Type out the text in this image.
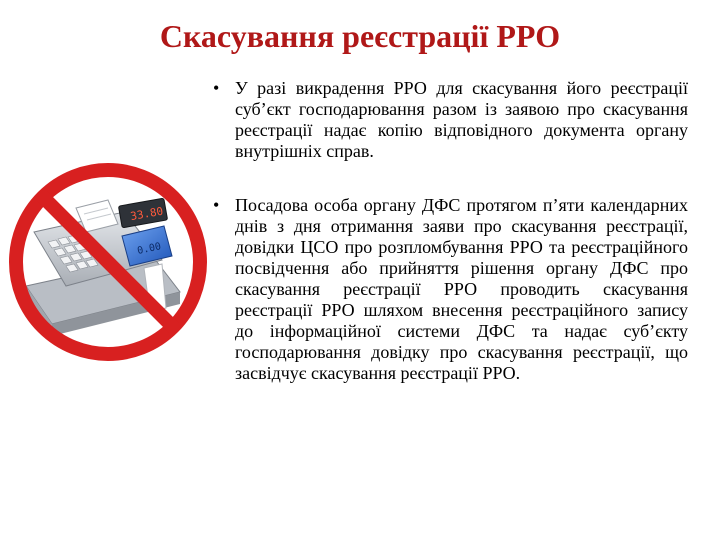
Скасування реєстрації РРО
0.00
33.80
• У разі викрадення РРО для скасування його реєстрації суб’єкт господарювання разом із заявою про скасування реєстрації надає копію відповідного документа органу внутрішніх справ.
• Посадова особа органу ДФС протягом п’яти календарних днів з дня отримання заяви про скасування реєстрації, довідки ЦСО про розпломбування РРО та реєстраційного посвідчення або прийняття рішення органу ДФС про скасування реєстрації РРО проводить скасування реєстрації РРО шляхом внесення реєстраційного запису до інформаційної системи ДФС та надає суб’єкту господарювання довідку про скасування реєстрації, що засвідчує скасування реєстрації РРО.
